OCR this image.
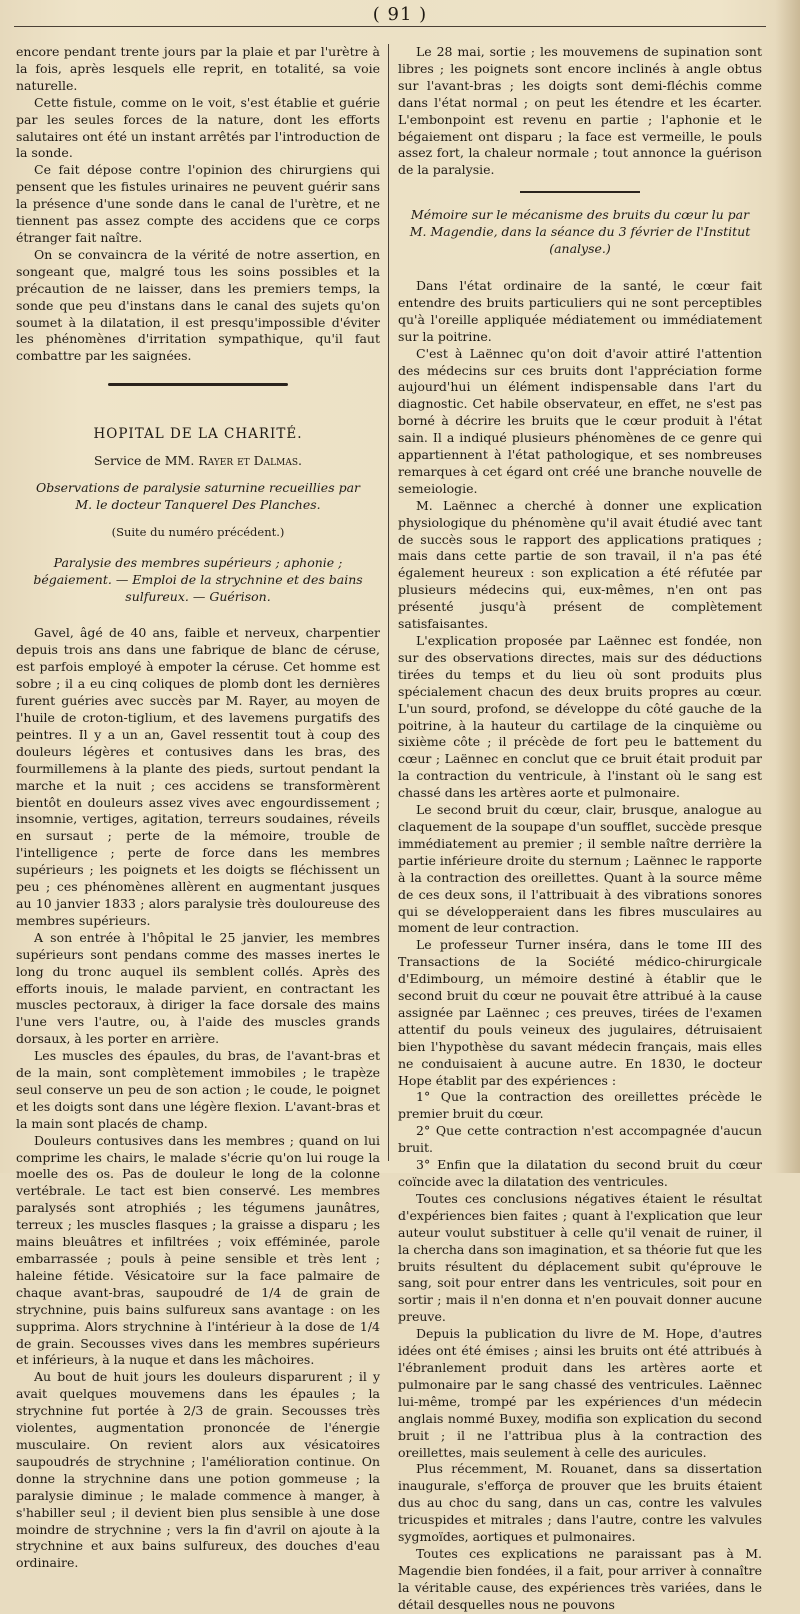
( 91 )

encore pendant trente jours par la plaie et par l'urètre à la fois, après lesquels elle reprit, en totalité, sa voie naturelle.

Cette fistule, comme on le voit, s'est établie et guérie par les seules forces de la nature, dont les efforts salutaires ont été un instant arrêtés par l'introduction de la sonde.

Ce fait dépose contre l'opinion des chirurgiens qui pensent que les fistules urinaires ne peuvent guérir sans la présence d'une sonde dans le canal de l'urètre, et ne tiennent pas assez compte des accidens que ce corps étranger fait naître.

On se convaincra de la vérité de notre assertion, en songeant que, malgré tous les soins possibles et la précaution de ne laisser, dans les premiers temps, la sonde que peu d'instans dans le canal des sujets qu'on soumet à la dilatation, il est presqu'impossible d'éviter les phénomènes d'irritation sympathique, qu'il faut combattre par les saignées.

HOPITAL DE LA CHARITÉ.
Service de MM. Rayer et Dalmas.

Observations de paralysie saturnine recueillies par M. le docteur Tanquerel Des Planches.

(Suite du numéro précédent.)

Paralysie des membres supérieurs ; aphonie ; bégaiement. — Emploi de la strychnine et des bains sulfureux. — Guérison.

Gavel, âgé de 40 ans, faible et nerveux, charpentier depuis trois ans dans une fabrique de blanc de céruse, est parfois employé à empoter la céruse. Cet homme est sobre ; il a eu cinq coliques de plomb dont les dernières furent guéries avec succès par M. Rayer, au moyen de l'huile de croton-tiglium, et des lavemens purgatifs des peintres. Il y a un an, Gavel ressentit tout à coup des douleurs légères et contusives dans les bras, des fourmillemens à la plante des pieds, surtout pendant la marche et la nuit ; ces accidens se transformèrent bientôt en douleurs assez vives avec engourdissement ; insomnie, vertiges, agitation, terreurs soudaines, réveils en sursaut ; perte de la mémoire, trouble de l'intelligence ; perte de force dans les membres supérieurs ; les poignets et les doigts se fléchissent un peu ; ces phénomènes allèrent en augmentant jusques au 10 janvier 1833 ; alors paralysie très douloureuse des membres supérieurs.

A son entrée à l'hôpital le 25 janvier, les membres supérieurs sont pendans comme des masses inertes le long du tronc auquel ils semblent collés. Après des efforts inouis, le malade parvient, en contractant les muscles pectoraux, à diriger la face dorsale des mains l'une vers l'autre, ou, à l'aide des muscles grands dorsaux, à les porter en arrière.

Les muscles des épaules, du bras, de l'avant-bras et de la main, sont complètement immobiles ; le trapèze seul conserve un peu de son action ; le coude, le poignet et les doigts sont dans une légère flexion. L'avant-bras et la main sont placés de champ.

Douleurs contusives dans les membres ; quand on lui comprime les chairs, le malade s'écrie qu'on lui rouge la moelle des os. Pas de douleur le long de la colonne vertébrale. Le tact est bien conservé. Les membres paralysés sont atrophiés ; les tégumens jaunâtres, terreux ; les muscles flasques ; la graisse a disparu ; les mains bleuâtres et infiltrées ; voix efféminée, parole embarrassée ; pouls à peine sensible et très lent ; haleine fétide. Vésicatoire sur la face palmaire de chaque avant-bras, saupoudré de 1/4 de grain de strychnine, puis bains sulfureux sans avantage : on les supprima. Alors strychnine à l'intérieur à la dose de 1/4 de grain. Secousses vives dans les membres supérieurs et inférieurs, à la nuque et dans les mâchoires.

Au bout de huit jours les douleurs disparurent ; il y avait quelques mouvemens dans les épaules ; la strychnine fut portée à 2/3 de grain. Secousses très violentes, augmentation prononcée de l'énergie musculaire. On revient alors aux vésicatoires saupoudrés de strychnine ; l'amélioration continue. On donne la strychnine dans une potion gommeuse ; la paralysie diminue ; le malade commence à manger, à s'habiller seul ; il devient bien plus sensible à une dose moindre de strychnine ; vers la fin d'avril on ajoute à la strychnine et aux bains sulfureux, des douches d'eau ordinaire.

Le 28 mai, sortie ; les mouvemens de supination sont libres ; les poignets sont encore inclinés à angle obtus sur l'avant-bras ; les doigts sont demi-fléchis comme dans l'état normal ; on peut les étendre et les écarter. L'embonpoint est revenu en partie ; l'aphonie et le bégaiement ont disparu ; la face est vermeille, le pouls assez fort, la chaleur normale ; tout annonce la guérison de la paralysie.

Mémoire sur le mécanisme des bruits du cœur lu par M. Magendie, dans la séance du 3 février de l'Institut (analyse.)

Dans l'état ordinaire de la santé, le cœur fait entendre des bruits particuliers qui ne sont perceptibles qu'à l'oreille appliquée médiatement ou immédiatement sur la poitrine.

C'est à Laënnec qu'on doit d'avoir attiré l'attention des médecins sur ces bruits dont l'appréciation forme aujourd'hui un élément indispensable dans l'art du diagnostic. Cet habile observateur, en effet, ne s'est pas borné à décrire les bruits que le cœur produit à l'état sain. Il a indiqué plusieurs phénomènes de ce genre qui appartiennent à l'état pathologique, et ses nombreuses remarques à cet égard ont créé une branche nouvelle de semeiologie.

M. Laënnec a cherché à donner une explication physiologique du phénomène qu'il avait étudié avec tant de succès sous le rapport des applications pratiques ; mais dans cette partie de son travail, il n'a pas été également heureux : son explication a été réfutée par plusieurs médecins qui, eux-mêmes, n'en ont pas présenté jusqu'à présent de complètement satisfaisantes.

L'explication proposée par Laënnec est fondée, non sur des observations directes, mais sur des déductions tirées du temps et du lieu où sont produits plus spécialement chacun des deux bruits propres au cœur. L'un sourd, profond, se développe du côté gauche de la poitrine, à la hauteur du cartilage de la cinquième ou sixième côte ; il précède de fort peu le battement du cœur ; Laënnec en conclut que ce bruit était produit par la contraction du ventricule, à l'instant où le sang est chassé dans les artères aorte et pulmonaire.

Le second bruit du cœur, clair, brusque, analogue au claquement de la soupape d'un soufflet, succède presque immédiatement au premier ; il semble naître derrière la partie inférieure droite du sternum ; Laënnec le rapporte à la contraction des oreillettes. Quant à la source même de ces deux sons, il l'attribuait à des vibrations sonores qui se développeraient dans les fibres musculaires au moment de leur contraction.

Le professeur Turner inséra, dans le tome III des Transactions de la Société médico-chirurgicale d'Edimbourg, un mémoire destiné à établir que le second bruit du cœur ne pouvait être attribué à la cause assignée par Laënnec ; ces preuves, tirées de l'examen attentif du pouls veineux des jugulaires, détruisaient bien l'hypothèse du savant médecin français, mais elles ne conduisaient à aucune autre. En 1830, le docteur Hope établit par des expériences :

1° Que la contraction des oreillettes précède le premier bruit du cœur.

2° Que cette contraction n'est accompagnée d'aucun bruit.

3° Enfin que la dilatation du second bruit du cœur coïncide avec la dilatation des ventricules.

Toutes ces conclusions négatives étaient le résultat d'expériences bien faites ; quant à l'explication que leur auteur voulut substituer à celle qu'il venait de ruiner, il la chercha dans son imagination, et sa théorie fut que les bruits résultent du déplacement subit qu'éprouve le sang, soit pour entrer dans les ventricules, soit pour en sortir ; mais il n'en donna et n'en pouvait donner aucune preuve.

Depuis la publication du livre de M. Hope, d'autres idées ont été émises ; ainsi les bruits ont été attribués à l'ébranlement produit dans les artères aorte et pulmonaire par le sang chassé des ventricules. Laënnec lui-même, trompé par les expériences d'un médecin anglais nommé Buxey, modifia son explication du second bruit ; il ne l'attribua plus à la contraction des oreillettes, mais seulement à celle des auricules.

Plus récemment, M. Rouanet, dans sa dissertation inaugurale, s'efforça de prouver que les bruits étaient dus au choc du sang, dans un cas, contre les valvules tricuspides et mitrales ; dans l'autre, contre les valvules sygmoïdes, aortiques et pulmonaires.

Toutes ces explications ne paraissant pas à M. Magendie bien fondées, il a fait, pour arriver à connaître la véritable cause, des expériences très variées, dans le détail desquelles nous ne pouvons
